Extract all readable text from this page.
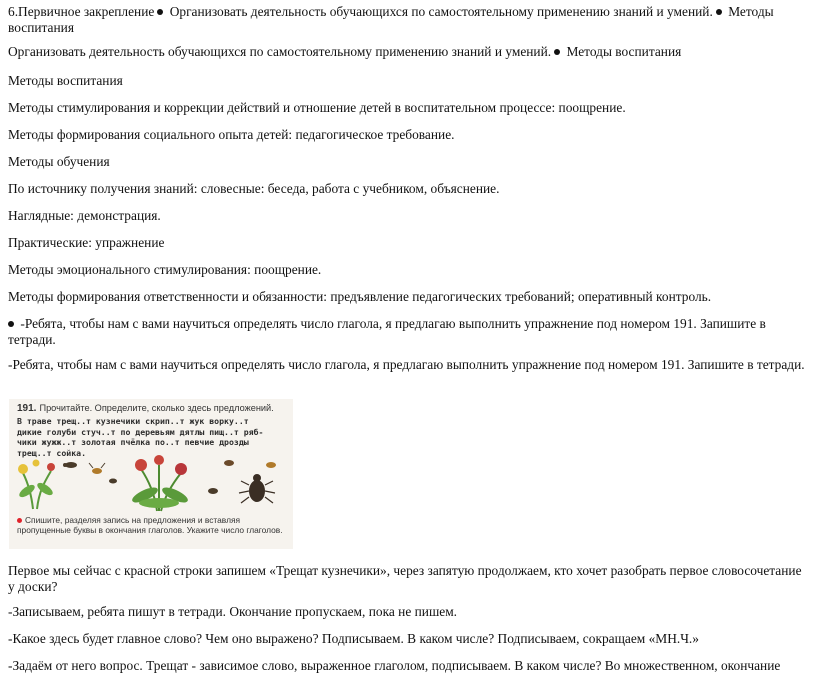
6.Первичное закрепление Организовать деятельность обучающихся по самостоятельному применению знаний и умений. Методы воспитания

Организовать деятельность обучающихся по самостоятельному применению знаний и умений. Методы воспитания

Методы воспитания

Методы стимулирования и коррекции действий и отношение детей в воспитательном процессе: поощрение.

Методы формирования социального опыта детей: педагогическое требование.

Методы обучения

По источнику получения знаний: словесные: беседа, работа с учебником, объяснение.

Наглядные: демонстрация.

Практические: упражнение

Методы эмоционального стимулирования: поощрение.

Методы формирования ответственности и обязанности: предъявление педагогических требований; оперативный контроль.

-Ребята, чтобы нам с вами научиться определять число глагола, я предлагаю выполнить упражнение под номером 191. Запишите в тетради.

-Ребята, чтобы нам с вами научиться определять число глагола, я предлагаю выполнить упражнение под номером 191. Запишите в тетради.

191. Прочитайте. Определите, сколько здесь предложений.
В траве трещ..т кузнечики скрип..т жук ворку..т
дикие голуби стуч..т по деревьям дятлы пищ..т ряб-
чики жужж..т золотая пчёлка по..т певчие дрозды
трещ..т сойка.
Спишите, разделяя запись на предложения и вставляя пропущенные буквы в окончания глаголов. Укажите число глаголов.

Первое мы сейчас с красной строки запишем «Трещат кузнечики», через запятую продолжаем, кто хочет разобрать первое словосочетание у доски?

-Записываем, ребята пишут в тетради. Окончание пропускаем, пока не пишем.

-Какое здесь будет главное слово? Чем оно выражено? Подписываем. В каком числе? Подписываем, сокращаем «МН.Ч.»

-Задаём от него вопрос. Трещат - зависимое слово, выраженное глаголом, подписываем. В каком числе? Во множественном, окончание
